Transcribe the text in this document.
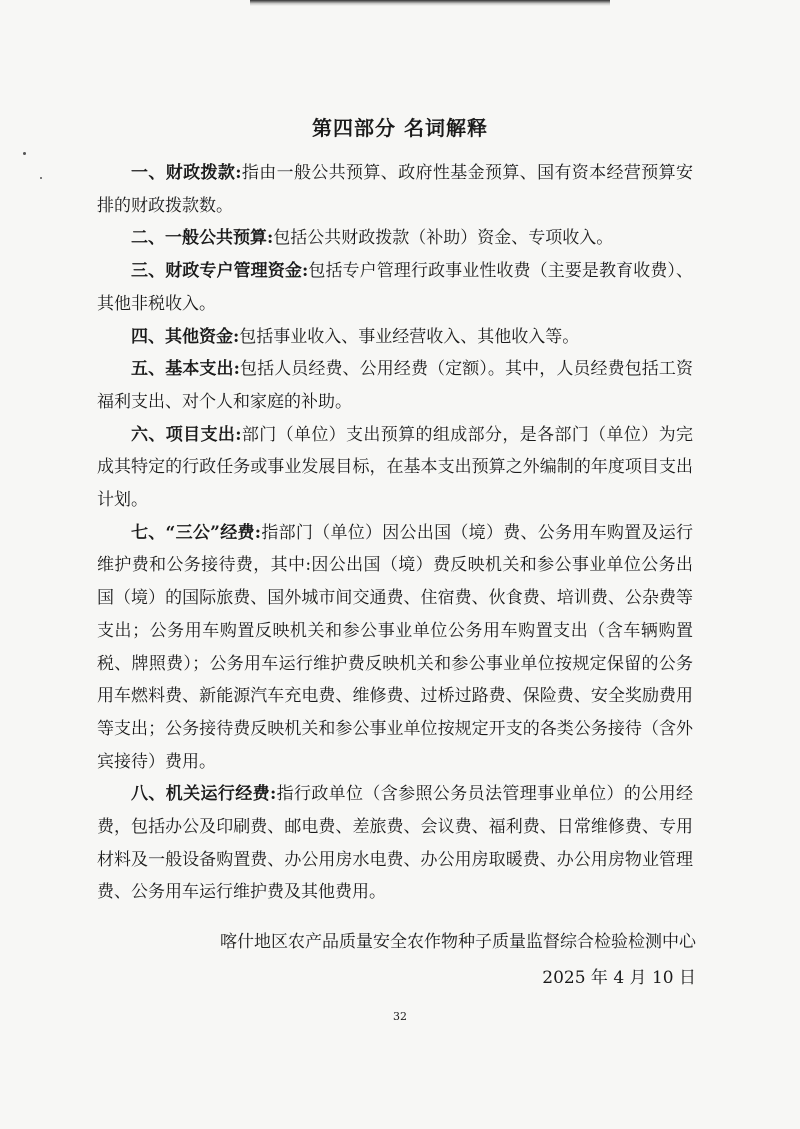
第四部分 名词解释

一、财政拨款:指由一般公共预算、政府性基金预算、国有资本经营预算安排的财政拨款数。

二、一般公共预算:包括公共财政拨款（补助）资金、专项收入。

三、财政专户管理资金:包括专户管理行政事业性收费（主要是教育收费）、其他非税收入。

四、其他资金:包括事业收入、事业经营收入、其他收入等。

五、基本支出:包括人员经费、公用经费（定额）。其中，人员经费包括工资福利支出、对个人和家庭的补助。

六、项目支出:部门（单位）支出预算的组成部分，是各部门（单位）为完成其特定的行政任务或事业发展目标，在基本支出预算之外编制的年度项目支出计划。

七、“三公”经费:指部门（单位）因公出国（境）费、公务用车购置及运行维护费和公务接待费，其中:因公出国（境）费反映机关和参公事业单位公务出国（境）的国际旅费、国外城市间交通费、住宿费、伙食费、培训费、公杂费等支出；公务用车购置反映机关和参公事业单位公务用车购置支出（含车辆购置税、牌照费）；公务用车运行维护费反映机关和参公事业单位按规定保留的公务用车燃料费、新能源汽车充电费、维修费、过桥过路费、保险费、安全奖励费用等支出；公务接待费反映机关和参公事业单位按规定开支的各类公务接待（含外宾接待）费用。

八、机关运行经费:指行政单位（含参照公务员法管理事业单位）的公用经费，包括办公及印刷费、邮电费、差旅费、会议费、福利费、日常维修费、专用材料及一般设备购置费、办公用房水电费、办公用房取暖费、办公用房物业管理费、公务用车运行维护费及其他费用。

喀什地区农产品质量安全农作物种子质量监督综合检验检测中心
2025 年 4 月 10 日
32
